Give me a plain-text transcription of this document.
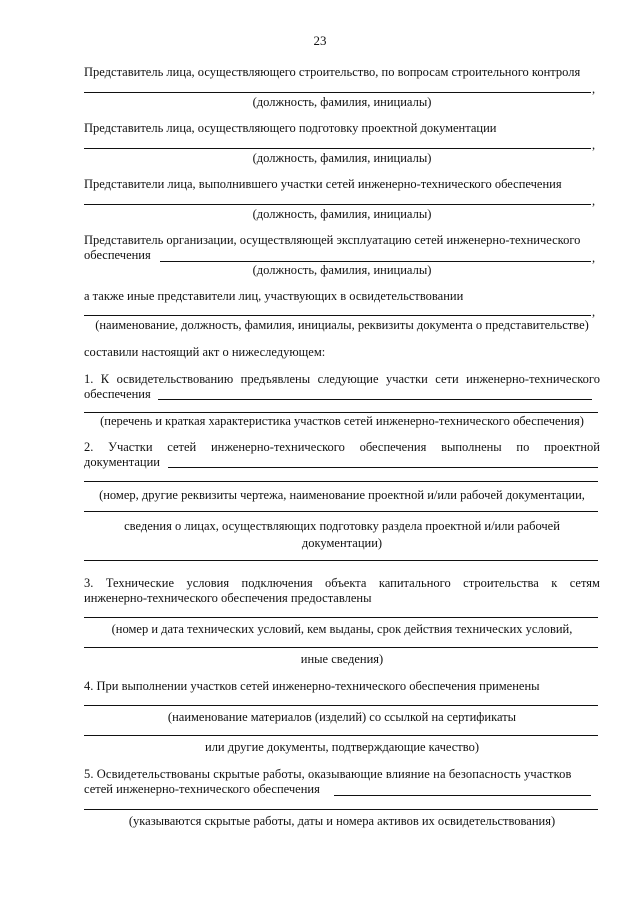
23
Представитель лица, осуществляющего строительство, по вопросам строительного контроля
,
(должность, фамилия, инициалы)
Представитель лица, осуществляющего подготовку проектной документации
,
(должность, фамилия, инициалы)
Представители лица, выполнившего участки сетей инженерно-технического обеспечения
,
(должность, фамилия, инициалы)
Представитель организации, осуществляющей эксплуатацию сетей инженерно-технического
обеспечения	,
(должность, фамилия, инициалы)
а также иные представители лиц, участвующих в освидетельствовании
,
(наименование, должность, фамилия, инициалы, реквизиты документа о представительстве)
составили настоящий акт о нижеследующем:
1. К освидетельствованию предъявлены следующие участки сети инженерно-технического
обеспечения
(перечень и краткая характеристика участков сетей инженерно-технического обеспечения)
2. Участки сетей инженерно-технического обеспечения выполнены по проектной
документации
(номер, другие реквизиты чертежа, наименование проектной и/или рабочей документации,
сведения о лицах, осуществляющих подготовку раздела проектной и/или рабочей
документации)
3. Технические условия подключения объекта капитального строительства к сетям
инженерно-технического обеспечения предоставлены
(номер и дата технических условий, кем выданы, срок действия технических условий,
иные сведения)
4. При выполнении участков сетей инженерно-технического обеспечения применены
(наименование материалов (изделий) со ссылкой на сертификаты
или другие документы, подтверждающие качество)
5. Освидетельствованы скрытые работы, оказывающие влияние на безопасность участков
сетей инженерно-технического обеспечения
(указываются скрытые работы, даты и номера активов их освидетельствования)
